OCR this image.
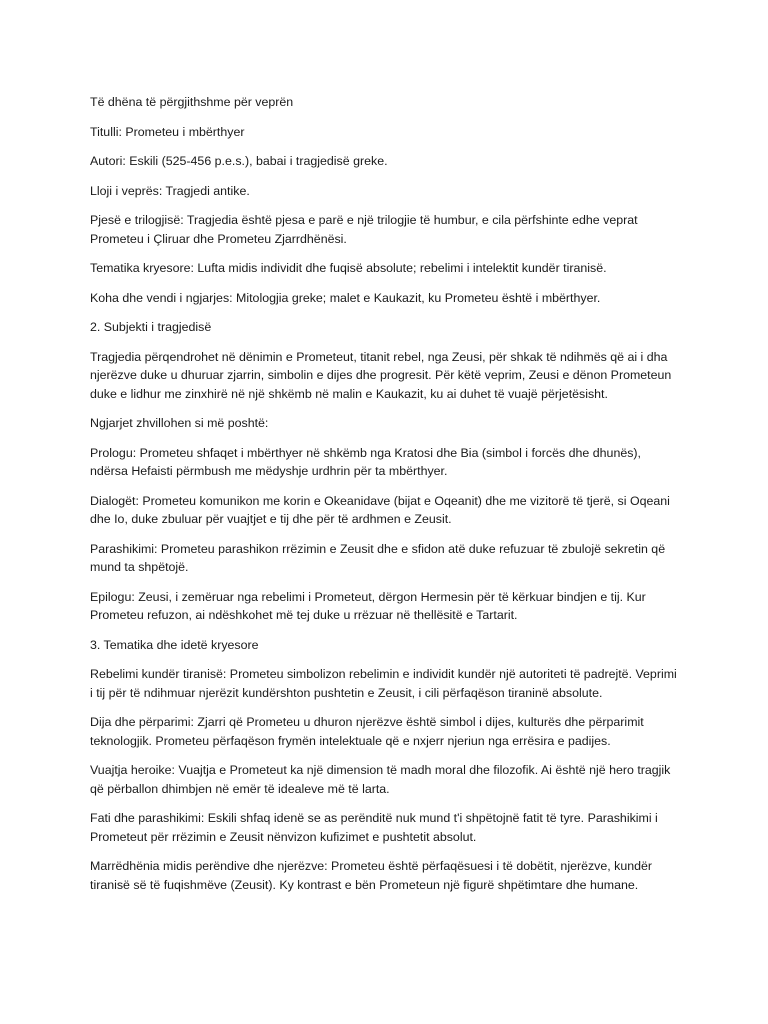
Të dhëna të përgjithshme për veprën

Titulli: Prometeu i mbërthyer

Autori: Eskili (525-456 p.e.s.), babai i tragjedisë greke.

Lloji i veprës: Tragjedi antike.

Pjesë e trilogjisë: Tragjedia është pjesa e parë e një trilogjie të humbur, e cila përfshinte edhe veprat Prometeu i Çliruar dhe Prometeu Zjarrdhënësi.

Tematika kryesore: Lufta midis individit dhe fuqisë absolute; rebelimi i intelektit kundër tiranisë.

Koha dhe vendi i ngjarjes: Mitologjia greke; malet e Kaukazit, ku Prometeu është i mbërthyer.

2. Subjekti i tragjedisë

Tragjedia përqendrohet në dënimin e Prometeut, titanit rebel, nga Zeusi, për shkak të ndihmës që ai i dha njerëzve duke u dhuruar zjarrin, simbolin e dijes dhe progresit. Për këtë veprim, Zeusi e dënon Prometeun duke e lidhur me zinxhirë në një shkëmb në malin e Kaukazit, ku ai duhet të vuajë përjetësisht.

Ngjarjet zhvillohen si më poshtë:

Prologu: Prometeu shfaqet i mbërthyer në shkëmb nga Kratosi dhe Bia (simbol i forcës dhe dhunës), ndërsa Hefaisti përmbush me mëdyshje urdhrin për ta mbërthyer.

Dialogët: Prometeu komunikon me korin e Okeanidave (bijat e Oqeanit) dhe me vizitorë të tjerë, si Oqeani dhe Io, duke zbuluar për vuajtjet e tij dhe për të ardhmen e Zeusit.

Parashikimi: Prometeu parashikon rrëzimin e Zeusit dhe e sfidon atë duke refuzuar të zbulojë sekretin që mund ta shpëtojë.

Epilogu: Zeusi, i zemëruar nga rebelimi i Prometeut, dërgon Hermesin për të kërkuar bindjen e tij. Kur Prometeu refuzon, ai ndëshkohet më tej duke u rrëzuar në thellësitë e Tartarit.

3. Tematika dhe idetë kryesore

Rebelimi kundër tiranisë: Prometeu simbolizon rebelimin e individit kundër një autoriteti të padrejtë. Veprimi i tij për të ndihmuar njerëzit kundërshton pushtetin e Zeusit, i cili përfaqëson tiraninë absolute.

Dija dhe përparimi: Zjarri që Prometeu u dhuron njerëzve është simbol i dijes, kulturës dhe përparimit teknologjik. Prometeu përfaqëson frymën intelektuale që e nxjerr njeriun nga errësira e padijes.

Vuajtja heroike: Vuajtja e Prometeut ka një dimension të madh moral dhe filozofik. Ai është një hero tragjik që përballon dhimbjen në emër të idealeve më të larta.

Fati dhe parashikimi: Eskili shfaq idenë se as perënditë nuk mund t'i shpëtojnë fatit të tyre. Parashikimi i Prometeut për rrëzimin e Zeusit nënvizon kufizimet e pushtetit absolut.

Marrëdhënia midis perëndive dhe njerëzve: Prometeu është përfaqësuesi i të dobëtit, njerëzve, kundër tiranisë së të fuqishmëve (Zeusit). Ky kontrast e bën Prometeun një figurë shpëtimtare dhe humane.
